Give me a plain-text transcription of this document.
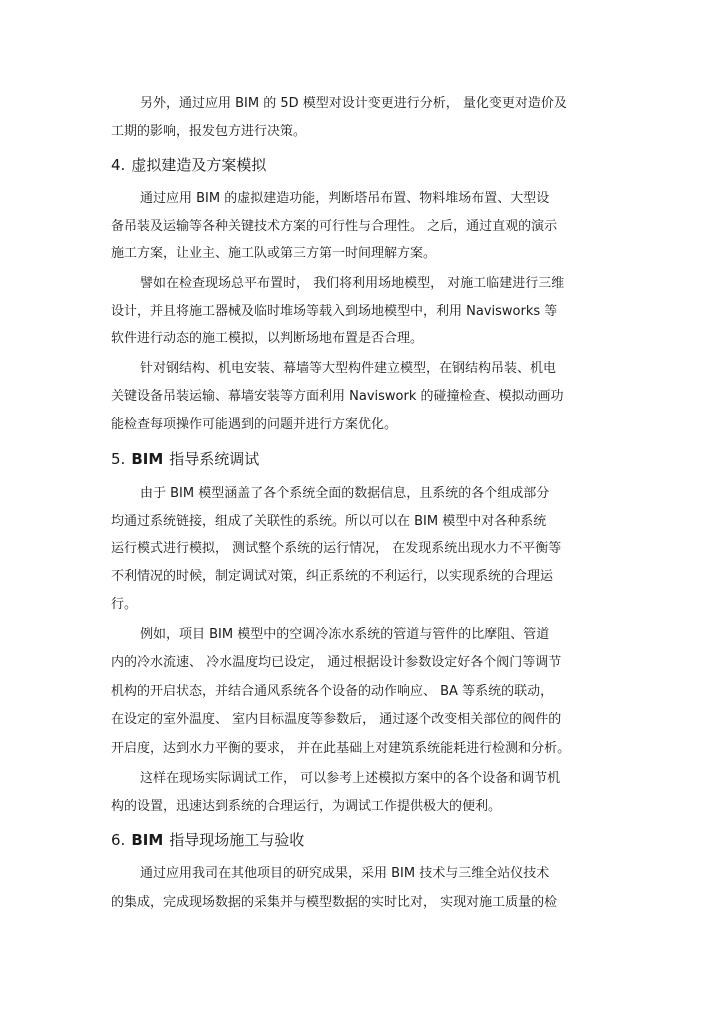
另外，通过应用 BIM 的 5D 模型对设计变更进行分析， 量化变更对造价及
工期的影响，报发包方进行决策。
4. 虚拟建造及方案模拟
通过应用 BIM 的虚拟建造功能，判断塔吊布置、物料堆场布置、大型设
备吊装及运输等各种关键技术方案的可行性与合理性。 之后，通过直观的演示
施工方案，让业主、施工队或第三方第一时间理解方案。
譬如在检查现场总平布置时， 我们将利用场地模型， 对施工临建进行三维
设计，并且将施工器械及临时堆场等载入到场地模型中，利用 Navisworks 等
软件进行动态的施工模拟，以判断场地布置是否合理。
针对钢结构、机电安装、幕墙等大型构件建立模型，在钢结构吊装、机电
关键设备吊装运输、幕墙安装等方面利用 Naviswork 的碰撞检查、模拟动画功
能检查每项操作可能遇到的问题并进行方案优化。
5. BIM 指导系统调试
由于 BIM 模型涵盖了各个系统全面的数据信息，且系统的各个组成部分
均通过系统链接，组成了关联性的系统。所以可以在 BIM 模型中对各种系统
运行模式进行模拟， 测试整个系统的运行情况， 在发现系统出现水力不平衡等
不利情况的时候，制定调试对策，纠正系统的不利运行，以实现系统的合理运
行。
例如，项目 BIM 模型中的空调冷冻水系统的管道与管件的比摩阻、管道
内的冷水流速、 冷水温度均已设定， 通过根据设计参数设定好各个阀门等调节
机构的开启状态，并结合通风系统各个设备的动作响应、 BA 等系统的联动，
在设定的室外温度、 室内目标温度等参数后， 通过逐个改变相关部位的阀件的
开启度，达到水力平衡的要求， 并在此基础上对建筑系统能耗进行检测和分析。
这样在现场实际调试工作， 可以参考上述模拟方案中的各个设备和调节机
构的设置，迅速达到系统的合理运行，为调试工作提供极大的便利。
6. BIM 指导现场施工与验收
通过应用我司在其他项目的研究成果，采用 BIM 技术与三维全站仪技术
的集成，完成现场数据的采集并与模型数据的实时比对， 实现对施工质量的检
